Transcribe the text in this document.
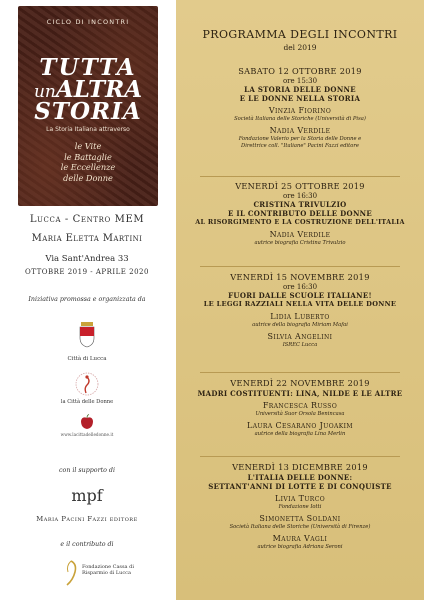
CICLO DI INCONTRI
TUTTA
unALTRA
STORIA
La Storia Italiana attraverso
le Vite
le Battaglie
le Eccellenze
delle Donne
Lucca - Centro MEM
Maria Eletta Martini
Via Sant'Andrea 33
OTTOBRE 2019 - APRILE 2020
Iniziativa promossa e organizzata da
Città di Lucca
la Città delle Donne
www.lacittadelledonne.it
con il supporto di
mpf
Maria Pacini Fazzi editore
e il contributo di
Fondazione Cassa di Risparmio di Lucca
PROGRAMMA DEGLI INCONTRI
del 2019
SABATO 12 OTTOBRE 2019
ore 15:30
LA STORIA DELLE DONNE
E LE DONNE NELLA STORIA
Vinzia Fiorino
Società Italiana delle Storiche (Università di Pisa)
Nadia Verdile
Fondazione Valerio per la Storia delle Donne e
Direttrice coll. "Italiane" Pacini Fazzi editore
VENERDÌ 25 OTTOBRE 2019
ore 16:30
CRISTINA TRIVULZIO
E IL CONTRIBUTO DELLE DONNE
AL RISORGIMENTO E LA COSTRUZIONE DELL'ITALIA
Nadia Verdile
autrice biografia Cristina Trivulzio
VENERDÌ 15 NOVEMBRE 2019
ore 16:30
FUORI DALLE SCUOLE ITALIANE!
LE LEGGI RAZZIALI NELLA VITA DELLE DONNE
Lidia Luberto
autrice della biografia Miriam Mafai
Silvia Angelini
ISREC Lucca
VENERDÌ 22 NOVEMBRE 2019
MADRI COSTITUENTI: LINA, NILDE E LE ALTRE
Francesca Russo
Università Suor Orsola Benincasa
Laura Cesarano Juoakim
autrice della biografia Lina Merlin
VENERDÌ 13 DICEMBRE 2019
L'ITALIA DELLE DONNE:
SETTANT'ANNI DI LOTTE E DI CONQUISTE
Livia Turco
Fondazione Iotti
Simonetta Soldani
Società Italiana delle Storiche (Università di Firenze)
Maura Vagli
autrice biografia Adriana Seroni
